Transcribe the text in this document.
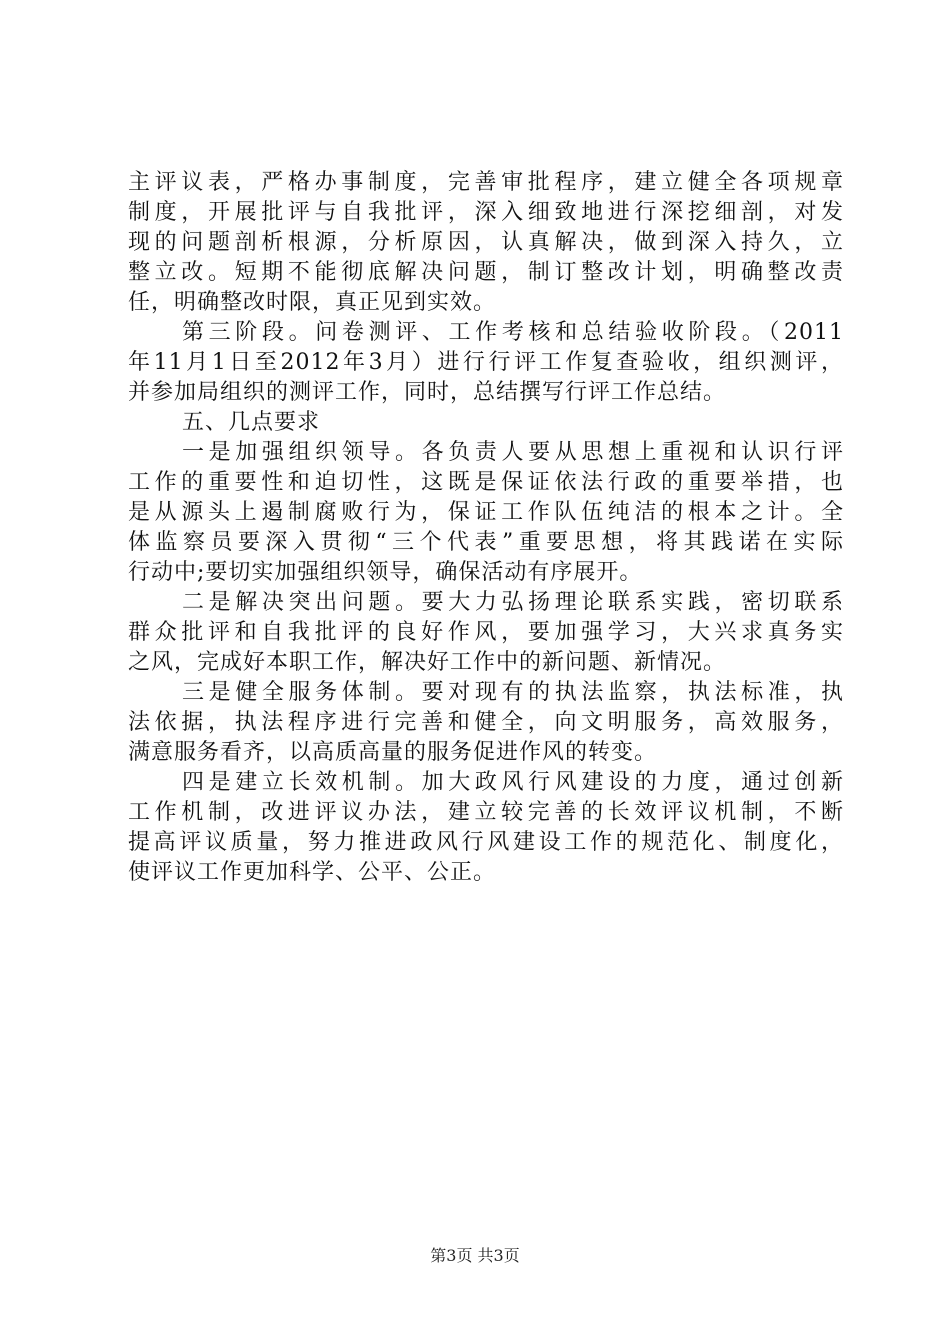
主评议表，严格办事制度，完善审批程序，建立健全各项规章
制度，开展批评与自我批评，深入细致地进行深挖细剖，对发
现的问题剖析根源，分析原因，认真解决，做到深入持久，立
整立改。短期不能彻底解决问题，制订整改计划，明确整改责
任，明确整改时限，真正见到实效。
第三阶段。问卷测评、工作考核和总结验收阶段。（2011
年11月1日至2012年3月）进行行评工作复查验收，组织测评，
并参加局组织的测评工作，同时，总结撰写行评工作总结。
五、几点要求
一是加强组织领导。各负责人要从思想上重视和认识行评
工作的重要性和迫切性，这既是保证依法行政的重要举措，也
是从源头上遏制腐败行为，保证工作队伍纯洁的根本之计。全
体监察员要深入贯彻“三个代表”重要思想，将其践诺在实际
行动中;要切实加强组织领导，确保活动有序展开。
二是解决突出问题。要大力弘扬理论联系实践，密切联系
群众批评和自我批评的良好作风，要加强学习，大兴求真务实
之风，完成好本职工作，解决好工作中的新问题、新情况。
三是健全服务体制。要对现有的执法监察，执法标准，执
法依据，执法程序进行完善和健全，向文明服务，高效服务，
满意服务看齐，以高质高量的服务促进作风的转变。
四是建立长效机制。加大政风行风建设的力度，通过创新
工作机制，改进评议办法，建立较完善的长效评议机制，不断
提高评议质量，努力推进政风行风建设工作的规范化、制度化，
使评议工作更加科学、公平、公正。
第3页 共3页
